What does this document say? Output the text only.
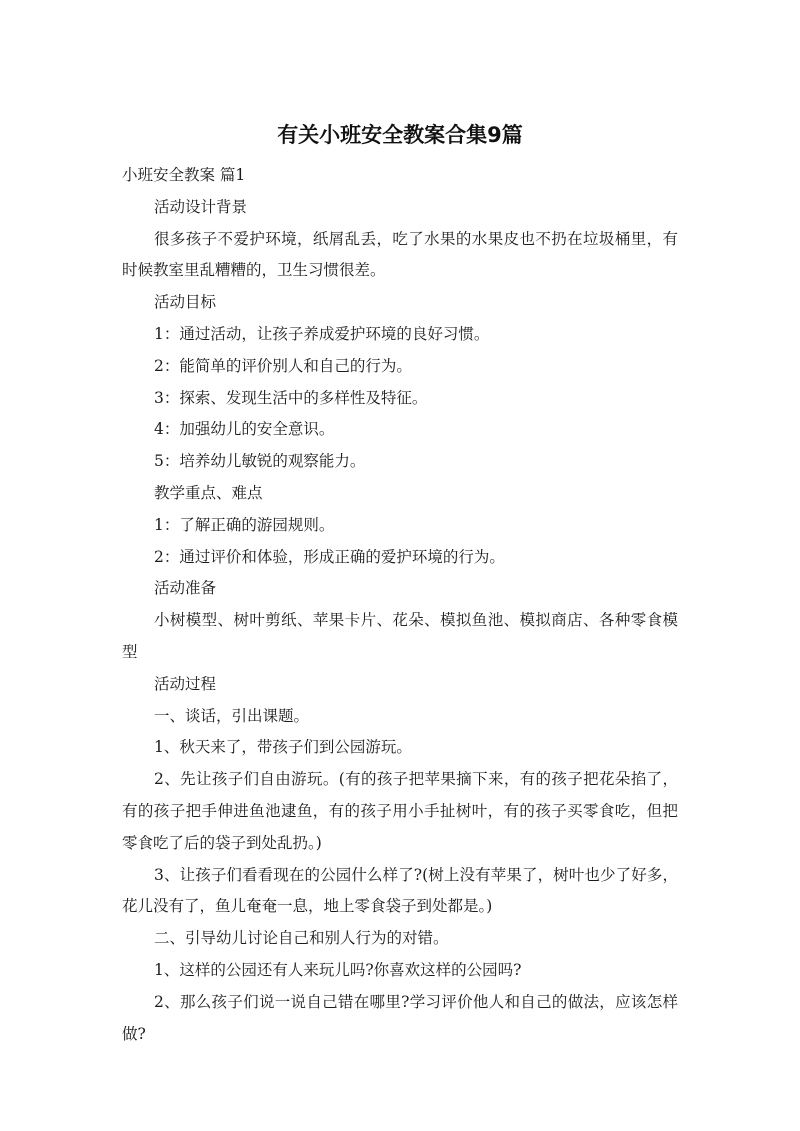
有关小班安全教案合集9篇

小班安全教案 篇1

活动设计背景

很多孩子不爱护环境，纸屑乱丢，吃了水果的水果皮也不扔在垃圾桶里，有时候教室里乱糟糟的，卫生习惯很差。

活动目标

1：通过活动，让孩子养成爱护环境的良好习惯。

2：能简单的评价别人和自己的行为。

3：探索、发现生活中的多样性及特征。

4：加强幼儿的安全意识。

5：培养幼儿敏锐的观察能力。

教学重点、难点

1：了解正确的游园规则。

2：通过评价和体验，形成正确的爱护环境的行为。

活动准备

小树模型、树叶剪纸、苹果卡片、花朵、模拟鱼池、模拟商店、各种零食模型

活动过程

一、谈话，引出课题。

1、秋天来了，带孩子们到公园游玩。

2、先让孩子们自由游玩。(有的孩子把苹果摘下来，有的孩子把花朵掐了，有的孩子把手伸进鱼池逮鱼，有的孩子用小手扯树叶，有的孩子买零食吃，但把零食吃了后的袋子到处乱扔。)

3、让孩子们看看现在的公园什么样了?(树上没有苹果了，树叶也少了好多，花儿没有了，鱼儿奄奄一息，地上零食袋子到处都是。)

二、引导幼儿讨论自己和别人行为的对错。

1、这样的公园还有人来玩儿吗?你喜欢这样的公园吗?

2、那么孩子们说一说自己错在哪里?学习评价他人和自己的做法，应该怎样做?
